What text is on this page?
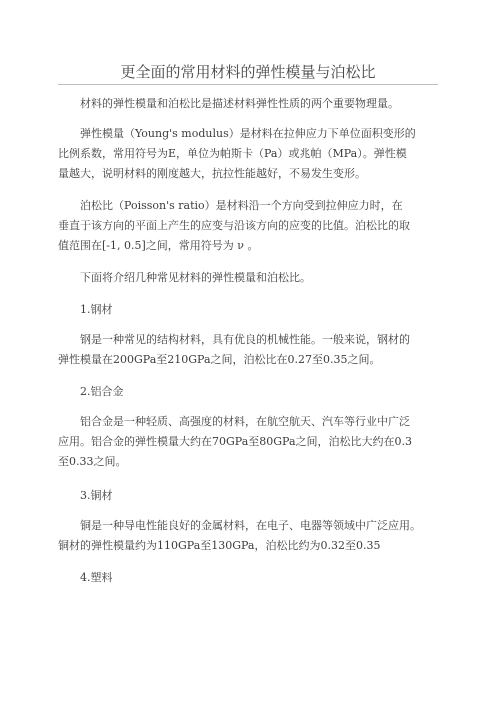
更全面的常用材料的弹性模量与泊松比
材料的弹性模量和泊松比是描述材料弹性性质的两个重要物理量。
弹性模量（Young's modulus）是材料在拉伸应力下单位面积变形的
比例系数，常用符号为E，单位为帕斯卡（Pa）或兆帕（MPa）。弹性模
量越大，说明材料的刚度越大，抗拉性能越好，不易发生变形。
泊松比（Poisson's ratio）是材料沿一个方向受到拉伸应力时，在
垂直于该方向的平面上产生的应变与沿该方向的应变的比值。泊松比的取
值范围在[-1, 0.5]之间，常用符号为 ν 。
下面将介绍几种常见材料的弹性模量和泊松比。
1.钢材
钢是一种常见的结构材料，具有优良的机械性能。一般来说，钢材的
弹性模量在200GPa至210GPa之间，泊松比在0.27至0.35之间。
2.铝合金
铝合金是一种轻质、高强度的材料，在航空航天、汽车等行业中广泛
应用。铝合金的弹性模量大约在70GPa至80GPa之间，泊松比大约在0.3
至0.33之间。
3.铜材
铜是一种导电性能良好的金属材料，在电子、电器等领域中广泛应用。
铜材的弹性模量约为110GPa至130GPa，泊松比约为0.32至0.35
4.塑料
